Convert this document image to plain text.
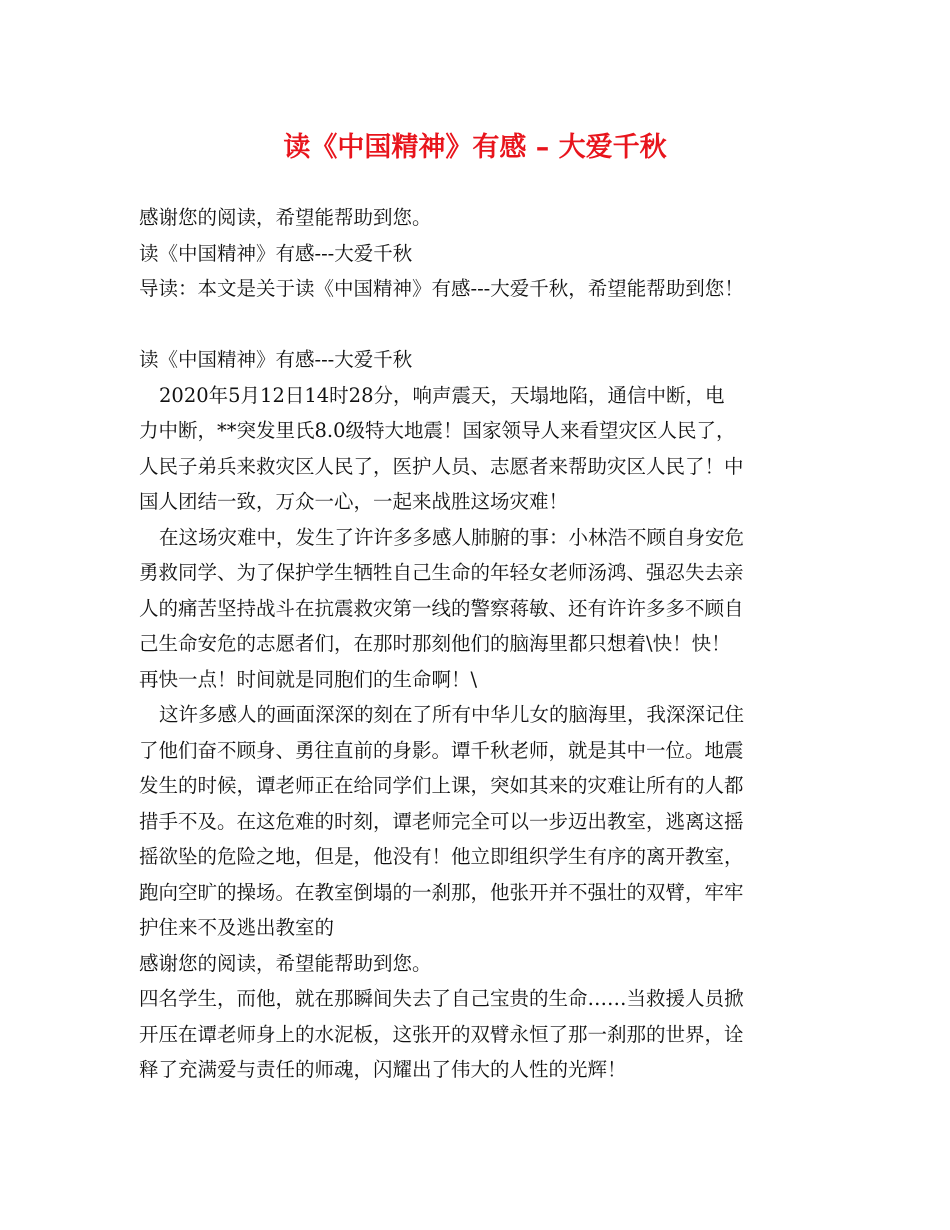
读《中国精神》有感 – 大爱千秋
感谢您的阅读，希望能帮助到您。
读《中国精神》有感---大爱千秋
导读：本文是关于读《中国精神》有感---大爱千秋，希望能帮助到您！
读《中国精神》有感---大爱千秋
2020年5月12日14时28分，响声震天，天塌地陷，通信中断，电
力中断，**突发里氏8.0级特大地震！国家领导人来看望灾区人民了，
人民子弟兵来救灾区人民了，医护人员、志愿者来帮助灾区人民了！中
国人团结一致，万众一心，一起来战胜这场灾难！
在这场灾难中，发生了许许多多感人肺腑的事：小林浩不顾自身安危
勇救同学、为了保护学生牺牲自己生命的年轻女老师汤鸿、强忍失去亲
人的痛苦坚持战斗在抗震救灾第一线的警察蒋敏、还有许许多多不顾自
己生命安危的志愿者们，在那时那刻他们的脑海里都只想着\快！快！
再快一点！时间就是同胞们的生命啊！\
这许多感人的画面深深的刻在了所有中华儿女的脑海里，我深深记住
了他们奋不顾身、勇往直前的身影。谭千秋老师，就是其中一位。地震
发生的时候，谭老师正在给同学们上课，突如其来的灾难让所有的人都
措手不及。在这危难的时刻，谭老师完全可以一步迈出教室，逃离这摇
摇欲坠的危险之地，但是，他没有！他立即组织学生有序的离开教室，
跑向空旷的操场。在教室倒塌的一刹那，他张开并不强壮的双臂，牢牢
护住来不及逃出教室的
感谢您的阅读，希望能帮助到您。
四名学生，而他，就在那瞬间失去了自己宝贵的生命……当救援人员掀
开压在谭老师身上的水泥板，这张开的双臂永恒了那一刹那的世界，诠
释了充满爱与责任的师魂，闪耀出了伟大的人性的光辉！
